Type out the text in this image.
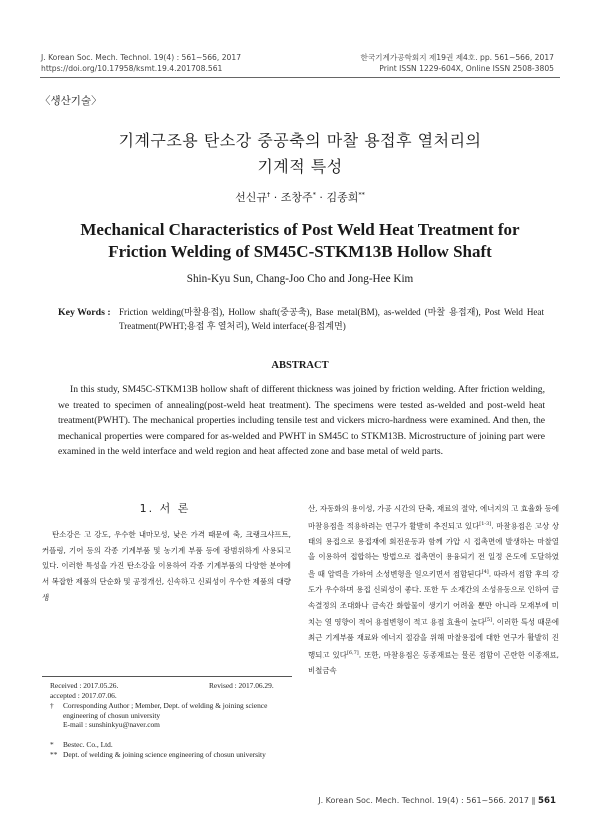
J. Korean Soc. Mech. Technol. 19(4) : 561~566, 2017
https://doi.org/10.17958/ksmt.19.4.201708.561
한국기계가공학회지 제19권 제4호. pp. 561~566, 2017
Print ISSN 1229-604X, Online ISSN 2508-3805
〈생산기술〉
기계구조용 탄소강 중공축의 마찰 용접후 열처리의
기계적 특성
선신규† · 조창주* · 김종희**
Mechanical Characteristics of Post Weld Heat Treatment for
Friction Welding of SM45C-STKM13B Hollow Shaft
Shin-Kyu Sun, Chang-Joo Cho and Jong-Hee Kim
Key Words : Friction welding(마찰용접), Hollow shaft(중공축), Base metal(BM), as-welded (마찰 용접재), Post Weld Heat Treatment(PWHT;용접 후 열처리), Weld interface(용접계면)
ABSTRACT
In this study, SM45C-STKM13B hollow shaft of different thickness was joined by friction welding. After friction welding, we treated to specimen of annealing(post-weld heat treatment). The specimens were tested as-welded and post-weld heat treatment(PWHT). The mechanical properties including tensile test and vickers micro-hardness were examined. And then, the mechanical properties were compared for as-welded and PWHT in SM45C to STKM13B. Microstructure of joining part were examined in the weld interface and weld region and heat affected zone and base metal of weld parts.
1. 서 론
탄소강은 고 강도, 우수한 내마모성, 낮은 가격 때문에 축, 크랭크샤프트, 커플링, 기어 등의 각종 기계부품 및 농기계 부품 등에 광범위하게 사용되고 있다. 이러한 특성을 가진 탄소강을 이용하여 각종 기계부품의 다양한 분야에서 복잡한 제품의 단순화 및 공정개선, 신속하고 신뢰성이 우수한 제품의 대량생
산, 자동화의 용이성, 가공 시간의 단축, 재료의 절약, 에너지의 고 효율화 등에 마찰용접을 적용하려는 연구가 활발히 추진되고 있다[1-3]. 마찰용접은 고상 상태의 용접으로 용접재에 회전운동과 함께 가압 시 접촉면에 발생하는 마찰열을 이용하여 접합하는 방법으로 접촉면이 용융되기 전 일정 온도에 도달하였을 때 압력을 가하여 소성변형을 일으키면서 접합된다[4]. 따라서 접합 후의 강도가 우수하며 용접 신뢰성이 좋다. 또한 두 소재간의 소성유동으로 인하여 금속결정의 조대화나 금속간 화합물이 생기기 어려울 뿐만 아니라 모재부에 미치는 열 영향이 적어 용접변형이 적고 용접 효율이 높다[5]. 이러한 특성 때문에 최근 기계부품 재료와 에너지 절감을 위해 마찰용접에 대한 연구가 활발히 진행되고 있다[6,7]. 또한, 마찰용접은 동종재료는 물론 접합이 곤란한 이종재료, 비철금속
Received : 2017.05.26.	Revised : 2017.06.29.
accepted : 2017.07.06.
† Corresponding Author ; Member, Dept. of welding & joining science engineering of chosun university
E-mail : sunshinkyu@naver.com
* Bestec. Co., Ltd.
** Dept. of welding & joining science engineering of chosun university
J. Korean Soc. Mech. Technol. 19(4) : 561~566. 2017 ∥ 561
